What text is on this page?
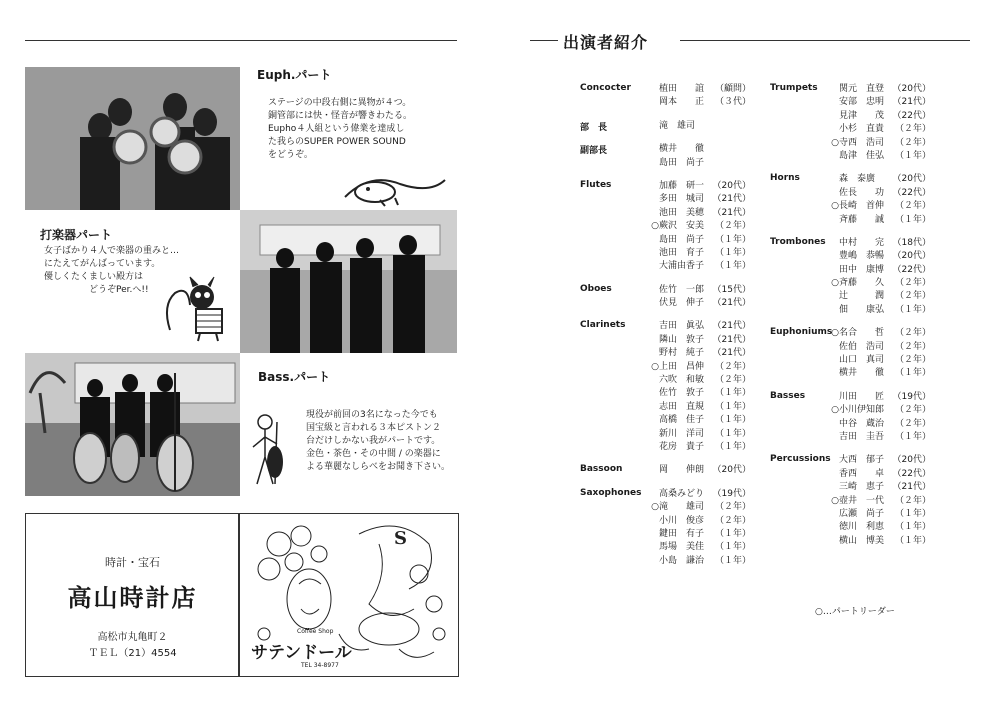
Euph.パート
ステージの中段右側に異物が４つ。
銅管部には快・怪音が響きわたる。
Eupho４人組という偉業を達成し
た我らのSUPER POWER SOUND
をどうぞ。
打楽器パート
女子ばかり４人で楽器の重みと…
にたえてがんばっています。
優しくたくましい殿方は
　　　　　どうぞPer.へ!!
Bass.パート
現役が前回の3名になった今でも
国宝級と言われる３本ピストン２
台だけしかない我がパートです。
金色・茶色・その中間 / の楽器に
よる華麗なしらべをお聞き下さい。
時計・宝石
高山時計店
高松市丸亀町２
ＴＥＬ（21）4554
S
Coffee Shop
サテンドール
TEL 34-8977
出演者紹介
Concocter	植田　　誼	（顧問）
岡本　　正	（３代）
部　長	滝　雄司
副部長	横井　　徹
島田　尚子
Flutes	加藤　研一 （20代）
多田　城司 （21代）
池田　美穂 （21代）
○ 蕨沢　安美	（２年）
島田　尚子	（１年）
池田　育子	（１年）
大浦由香子	（１年）
Oboes	佐竹　一郎 （15代）
伏見　伸子 （21代）
Clarinets	吉田　眞弘 （21代）
隣山　敦子 （21代）
野村　純子 （21代）
○ 上田　昌伸	（２年）
六吹　和敏	（２年）
佐竹　敦子	（１年）
志田　直規	（１年）
高橋　佳子	（１年）
新川　洋司	（１年）
花房　貴子	（１年）
Bassoon	岡　　伸朗 （20代）
Saxophones	高桑みどり （19代）
○ 滝　　雄司	（２年）
小川　俊彦	（２年）
鍵田　有子	（１年）
馬場　美佳	（１年）
小島　謙治	（１年）
Trumpets	関元　直登 （20代）
安部　忠明 （21代）
見津　　茂 （22代）
小杉　直貴	（２年）
○ 寺西　浩司	（２年）
島津　佳弘	（１年）
Horns	森　泰廣	（20代）
佐長　　功 （22代）
○ 長崎　首伸	（２年）
斉藤　　誠	（１年）
Trombones	中村　　完 （18代）
豊嶋　恭暢 （20代）
田中　康博 （22代）
○ 斉藤　　久	（２年）
辻　　　潤	（２年）
佃　　康弘	（１年）
Euphoniums
○ 名合　　哲	（２年）
佐伯　浩司	（２年）
山口　真司	（２年）
横井　　徹	（１年）
Basses	川田　　匠 （19代）
○ 小川伊知郎	（２年）
中谷　蔵治	（２年）
吉田　圭吾	（１年）
Percussions 大西　郁子 （20代）
香西　　卓 （22代）
三崎　恵子 （21代）
○ 壺井　一代	（２年）
広瀬　尚子	（１年）
徳川　利恵	（１年）
横山　博美	（１年）
○…パートリーダー
